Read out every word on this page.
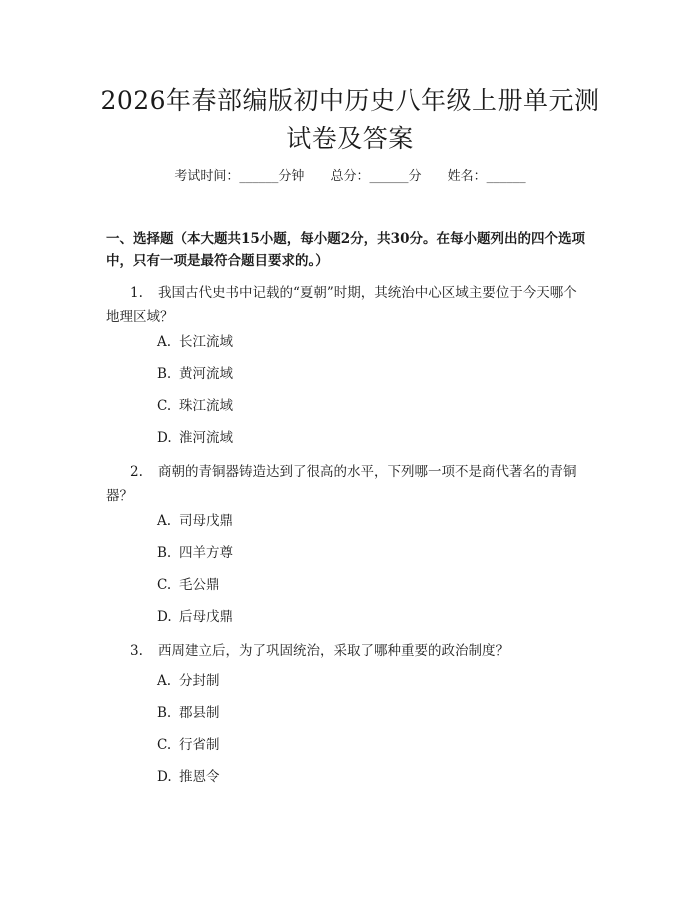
2026年春部编版初中历史八年级上册单元测
试卷及答案
考试时间：______分钟 总分：______分 姓名：______
一、选择题（本大题共15小题，每小题2分，共30分。在每小题列出的四个选项中，只有一项是最符合题目要求的。）
1. 我国古代史书中记载的“夏朝”时期，其统治中心区域主要位于今天哪个
地理区域？
A. 长江流域
B. 黄河流域
C. 珠江流域
D. 淮河流域
2. 商朝的青铜器铸造达到了很高的水平，下列哪一项不是商代著名的青铜
器？
A. 司母戊鼎
B. 四羊方尊
C. 毛公鼎
D. 后母戊鼎
3. 西周建立后，为了巩固统治，采取了哪种重要的政治制度？
A. 分封制
B. 郡县制
C. 行省制
D. 推恩令
